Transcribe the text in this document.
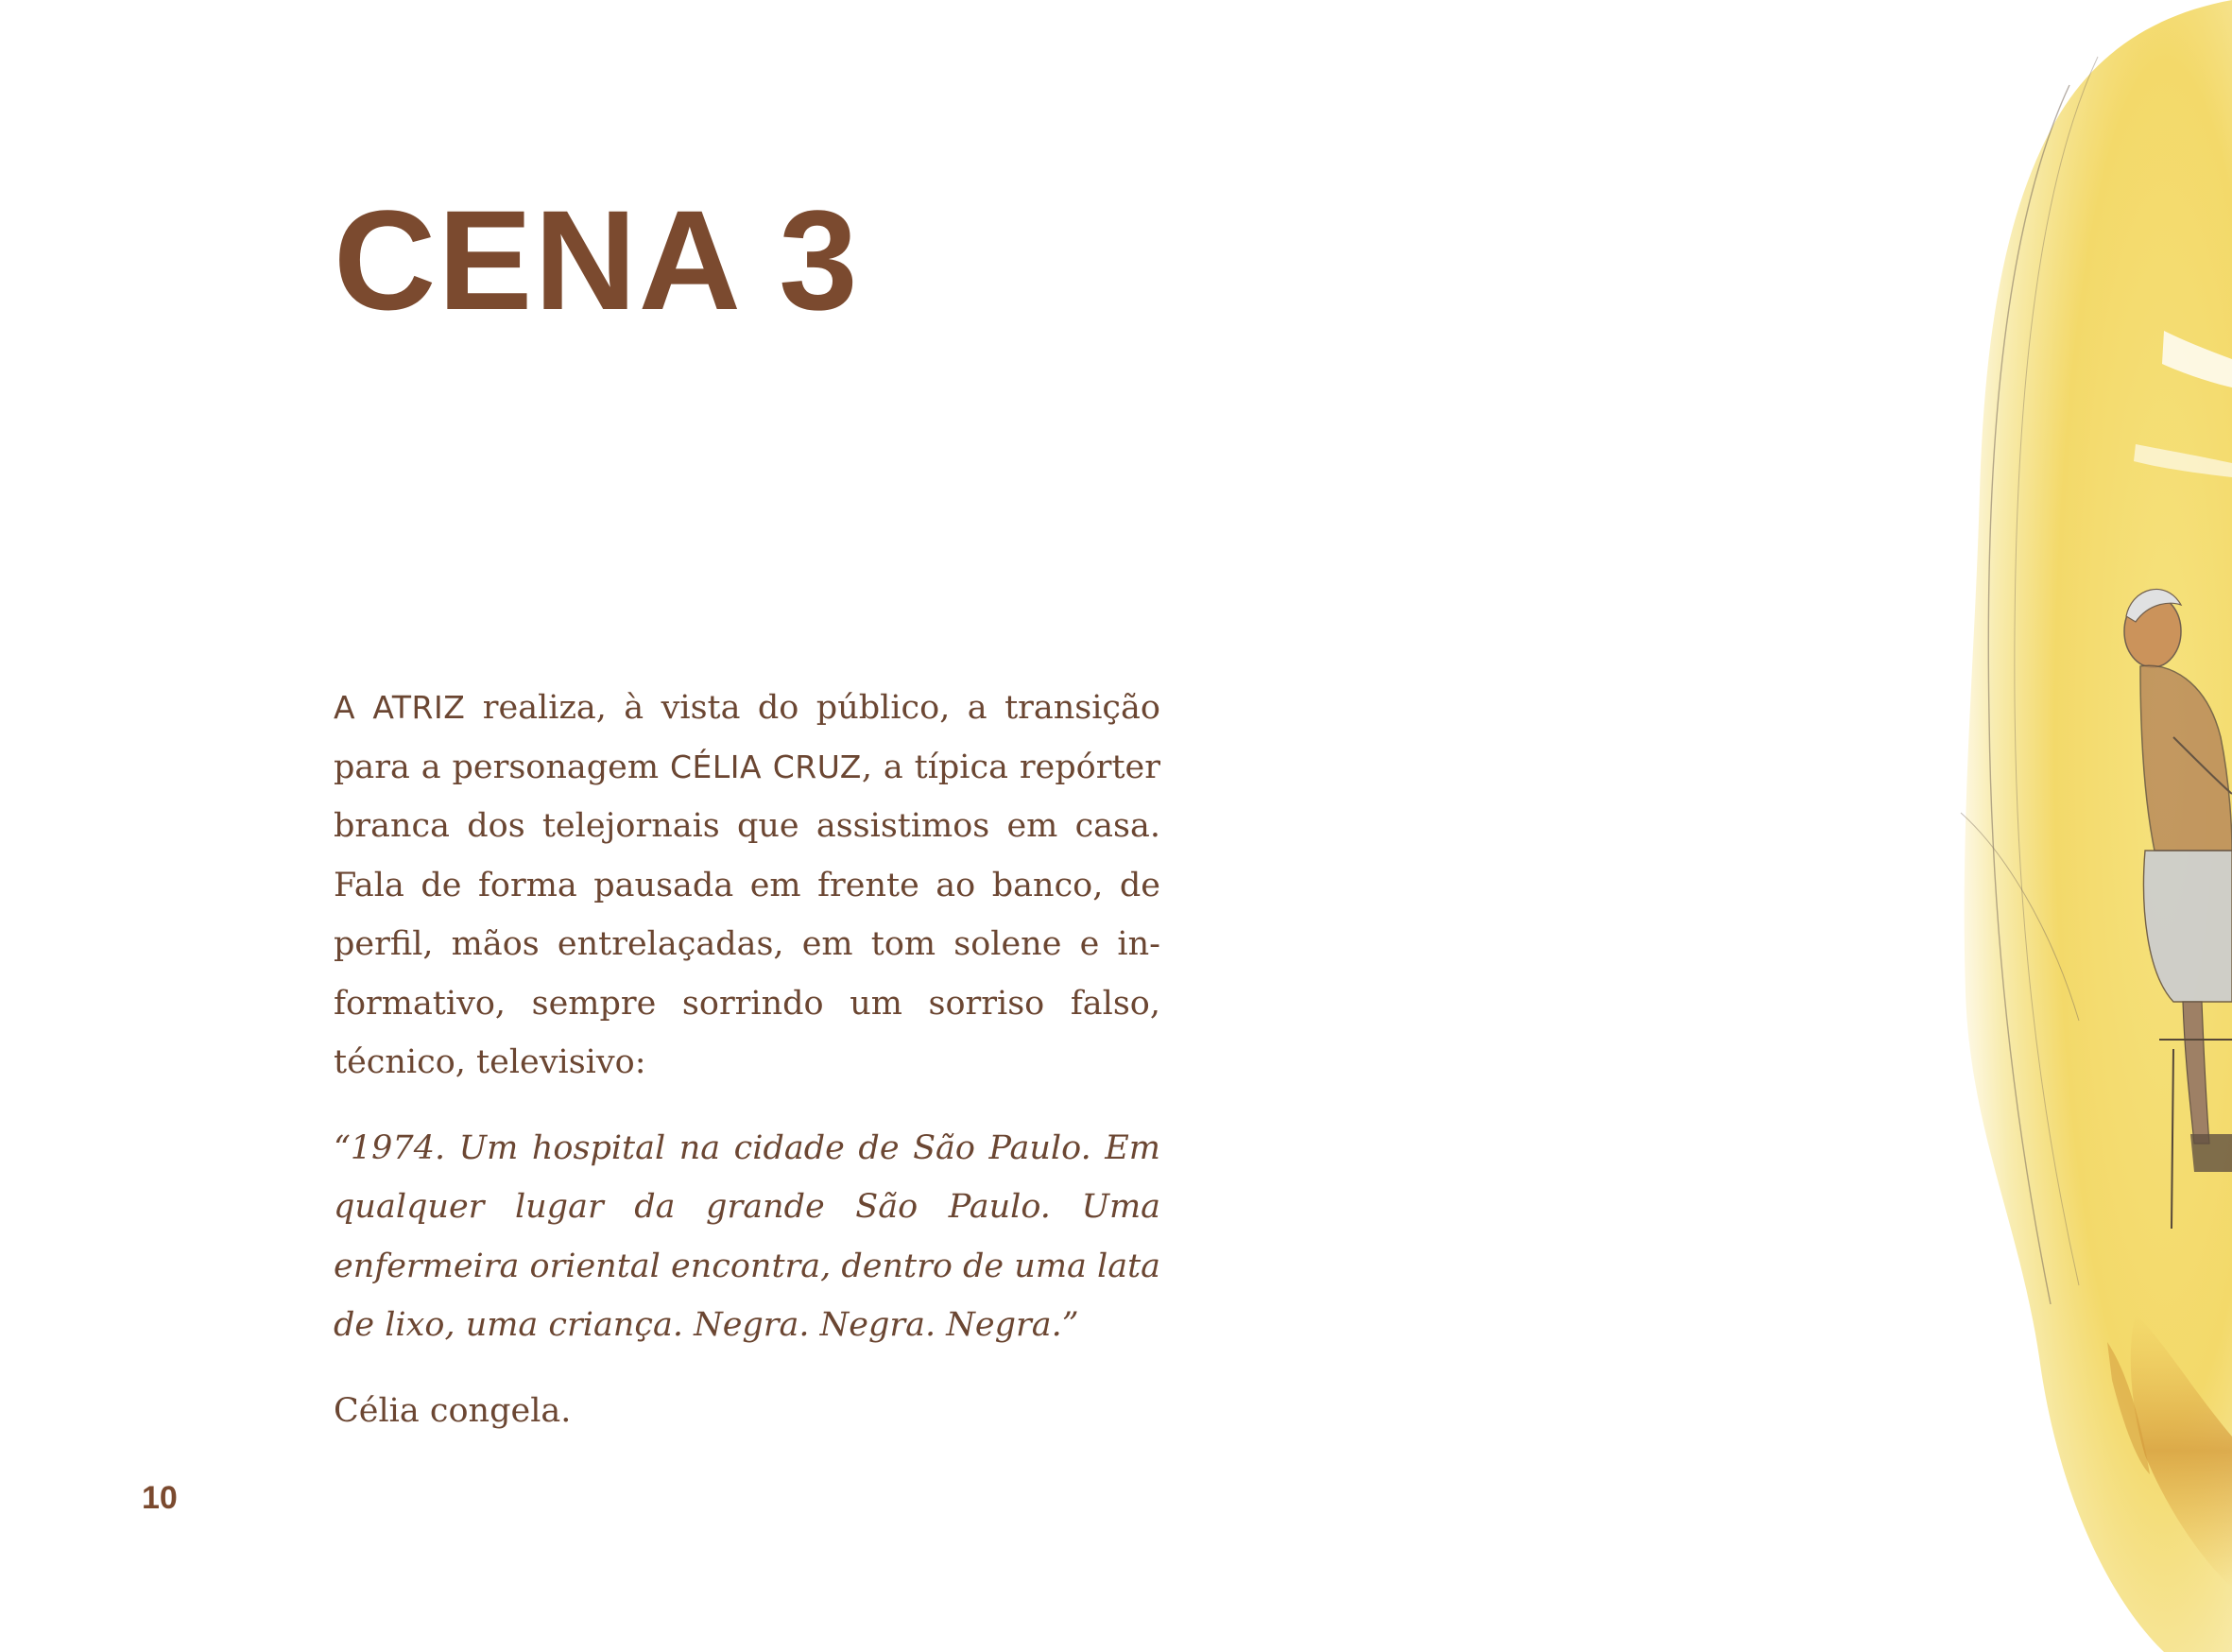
CENA 3

A ATRIZ realiza, à vista do público, a transição para a personagem CÉLIA CRUZ, a típica repórter branca dos telejornais que assistimos em casa. Fala de forma pausada em frente ao banco, de perfil, mãos entrelaçadas, em tom solene e informativo, sempre sorrindo um sorriso falso, técnico, televisivo:

“1974. Um hospital na cidade de São Paulo. Em qualquer lugar da grande São Paulo. Uma enfermeira oriental encontra, dentro de uma lata de lixo, uma criança. Negra. Negra. Negra.”

Célia congela.

10
